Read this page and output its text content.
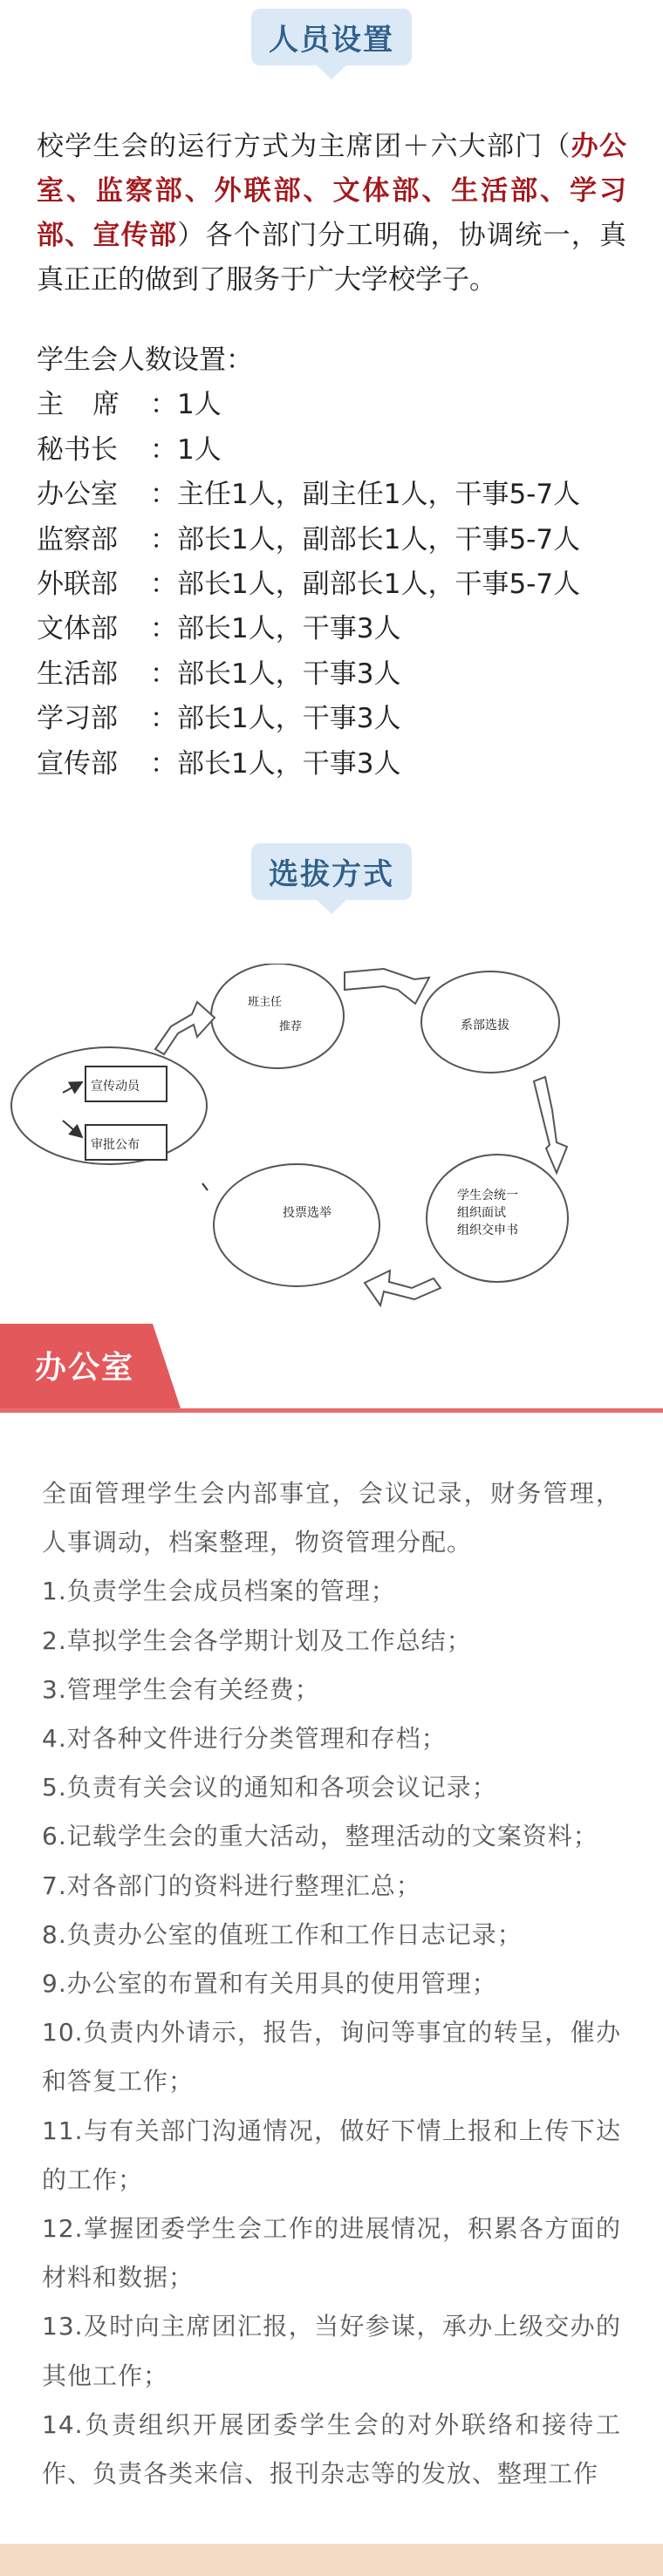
人员设置

校学生会的运行方式为主席团＋六大部门（办公室、监察部、外联部、文体部、生活部、学习部、宣传部）各个部门分工明确，协调统一，真真正正的做到了服务于广大学校学子。

学生会人数设置：
主席：1人
秘书长 ：1人
办公室 ：主任1人，副主任1人，干事5-7人
监察部 ：部长1人，副部长1人，干事5-7人
外联部 ：部长1人，副部长1人，干事5-7人
文体部 ：部长1人，干事3人
生活部 ：部长1人，干事3人
学习部 ：部长1人，干事3人
宣传部 ：部长1人，干事3人
选拔方式
宣传动员
审批公布
班主任
推荐	系部选拔
学生会统一
组织面试
组织交申书
投票选举
办公室

全面管理学生会内部事宜，会议记录，财务管理，人事调动，档案整理，物资管理分配。

1.负责学生会成员档案的管理；

2.草拟学生会各学期计划及工作总结；

3.管理学生会有关经费；

4.对各种文件进行分类管理和存档；

5.负责有关会议的通知和各项会议记录；

6.记载学生会的重大活动，整理活动的文案资料；

7.对各部门的资料进行整理汇总；

8.负责办公室的值班工作和工作日志记录；

9.办公室的布置和有关用具的使用管理；

10.负责内外请示，报告，询问等事宜的转呈，催办和答复工作；

11.与有关部门沟通情况，做好下情上报和上传下达的工作；

12.掌握团委学生会工作的进展情况，积累各方面的材料和数据；

13.及时向主席团汇报，当好参谋，承办上级交办的其他工作；

14.负责组织开展团委学生会的对外联络和接待工作、负责各类来信、报刊杂志等的发放、整理工作
